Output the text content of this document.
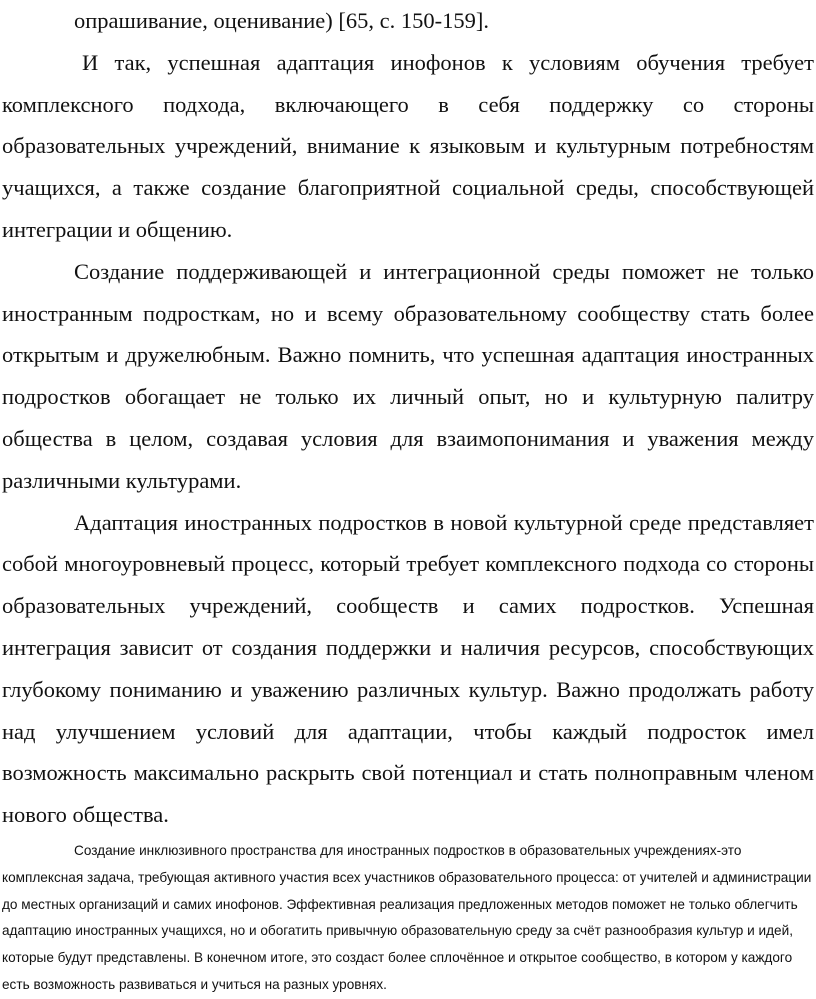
опрашивание, оценивание) [65, с. 150-159].

И так, успешная адаптация инофонов к условиям обучения требует комплексного подхода, включающего в себя поддержку со стороны образовательных учреждений, внимание к языковым и культурным потребностям учащихся, а также создание благоприятной социальной среды, способствующей интеграции и общению.

Создание поддерживающей и интеграционной среды поможет не только иностранным подросткам, но и всему образовательному сообществу стать более открытым и дружелюбным. Важно помнить, что успешная адаптация иностранных подростков обогащает не только их личный опыт, но и культурную палитру общества в целом, создавая условия для взаимопонимания и уважения между различными культурами.

Адаптация иностранных подростков в новой культурной среде представляет собой многоуровневый процесс, который требует комплексного подхода со стороны образовательных учреждений, сообществ и самих подростков. Успешная интеграция зависит от создания поддержки и наличия ресурсов, способствующих глубокому пониманию и уважению различных культур. Важно продолжать работу над улучшением условий для адаптации, чтобы каждый подросток имел возможность максимально раскрыть свой потенциал и стать полноправным членом нового общества.

Создание инклюзивного пространства для иностранных подростков в образовательных учреждениях-это комплексная задача, требующая активного участия всех участников образовательного процесса: от учителей и администрации до местных организаций и самих инофонов. Эффективная реализация предложенных методов поможет не только облегчить адаптацию иностранных учащихся, но и обогатить привычную образовательную среду за счёт разнообразия культур и идей, которые будут представлены. В конечном итоге, это создаст более сплочённое и открытое сообщество, в котором у каждого есть возможность развиваться и учиться на разных уровнях.
